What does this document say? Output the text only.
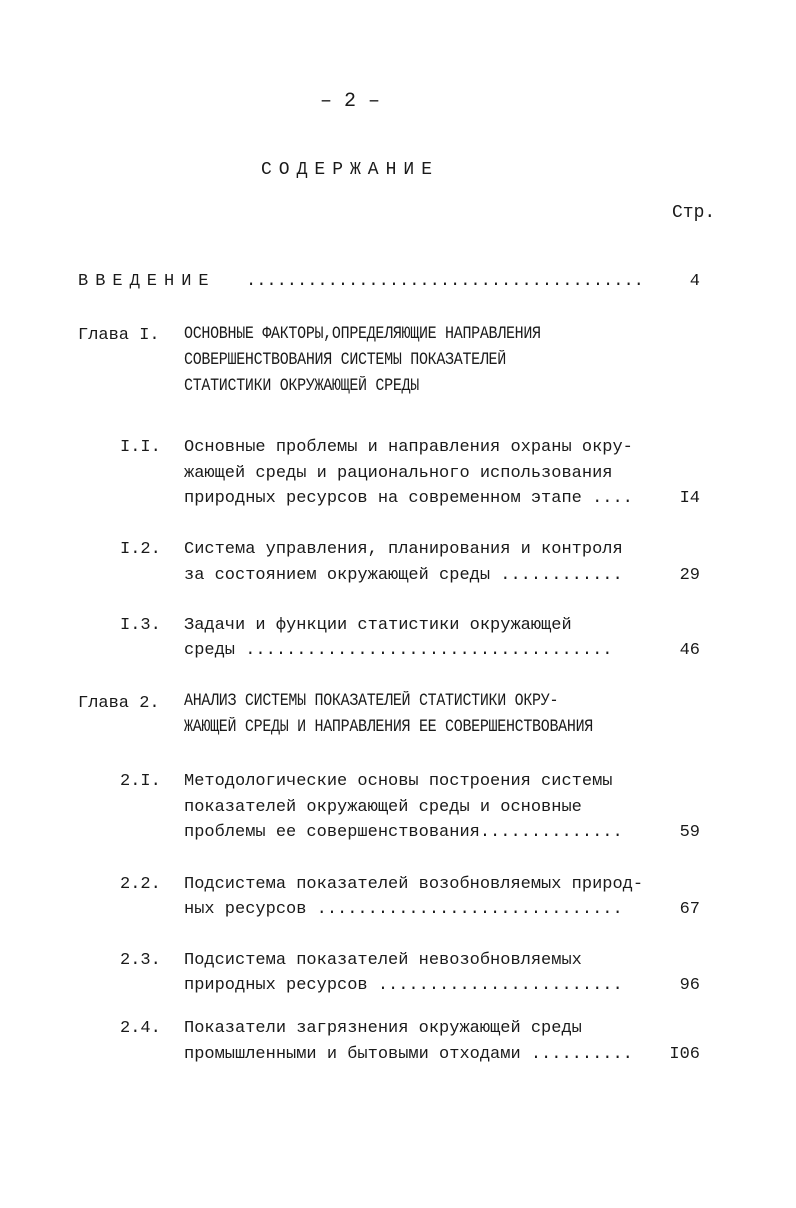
– 2 –
СОДЕРЖАНИЕ
Стр.
ВВЕДЕНИЕ .......................................	4
Глава I. ОСНОВНЫЕ ФАКТОРЫ,ОПРЕДЕЛЯЮЩИЕ НАПРАВЛЕНИЯ
СОВЕРШЕНСТВОВАНИЯ СИСТЕМЫ ПОКАЗАТЕЛЕЙ
СТАТИСТИКИ ОКРУЖАЮЩЕЙ СРЕДЫ
I.I. Основные проблемы и направления охраны окру-
жающей среды и рационального использования
природных ресурсов на современном этапе ....	I4
I.2. Система управления, планирования и контроля
за состоянием окружающей среды ............	29
I.3. Задачи и функции статистики окружающей
среды ....................................	46
Глава 2. АНАЛИЗ СИСТЕМЫ ПОКАЗАТЕЛЕЙ СТАТИСТИКИ ОКРУ-
ЖАЮЩЕЙ СРЕДЫ И НАПРАВЛЕНИЯ ЕЕ СОВЕРШЕНСТВОВАНИЯ
2.I. Методологические основы построения системы
показателей окружающей среды и основные
проблемы ее совершенствования..............	59
2.2. Подсистема показателей возобновляемых природ-
ных ресурсов ..............................	67
2.3. Подсистема показателей невозобновляемых
природных ресурсов ........................	96
2.4. Показатели загрязнения окружающей среды
промышленными и бытовыми отходами ..........	I06
